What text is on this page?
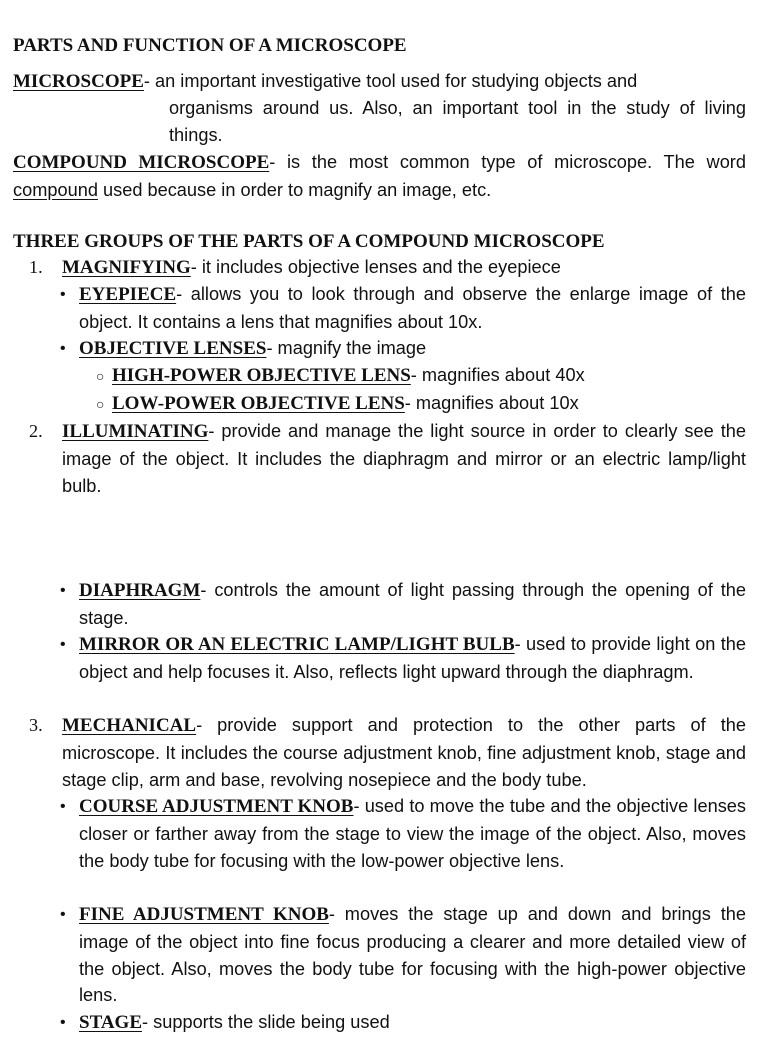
PARTS AND FUNCTION OF A MICROSCOPE
MICROSCOPE- an important investigative tool used for studying objects and
organisms around us. Also, an important tool in the study of living things.
COMPOUND MICROSCOPE- is the most common type of microscope. The word compound used because in order to magnify an image, etc.
THREE GROUPS OF THE PARTS OF A COMPOUND MICROSCOPE
1.	MAGNIFYING- it includes objective lenses and the eyepiece
• EYEPIECE- allows you to look through and observe the enlarge image of the object. It contains a lens that magnifies about 10x.
• OBJECTIVE LENSES- magnify the image
○ HIGH-POWER OBJECTIVE LENS- magnifies about 40x
○ LOW-POWER OBJECTIVE LENS- magnifies about 10x
2.	ILLUMINATING- provide and manage the light source in order to clearly see the image of the object. It includes the diaphragm and mirror or an electric lamp/light bulb.
• DIAPHRAGM- controls the amount of light passing through the opening of the stage.
• MIRROR OR AN ELECTRIC LAMP/LIGHT BULB- used to provide light on the object and help focuses it. Also, reflects light upward through the diaphragm.
3.	MECHANICAL- provide support and protection to the other parts of the microscope. It includes the course adjustment knob, fine adjustment knob, stage and stage clip, arm and base, revolving nosepiece and the body tube.
• COURSE ADJUSTMENT KNOB- used to move the tube and the objective lenses closer or farther away from the stage to view the image of the object. Also, moves the body tube for focusing with the low-power objective lens.
• FINE ADJUSTMENT KNOB- moves the stage up and down and brings the image of the object into fine focus producing a clearer and more detailed view of the object. Also, moves the body tube for focusing with the high-power objective lens.
• STAGE- supports the slide being used
